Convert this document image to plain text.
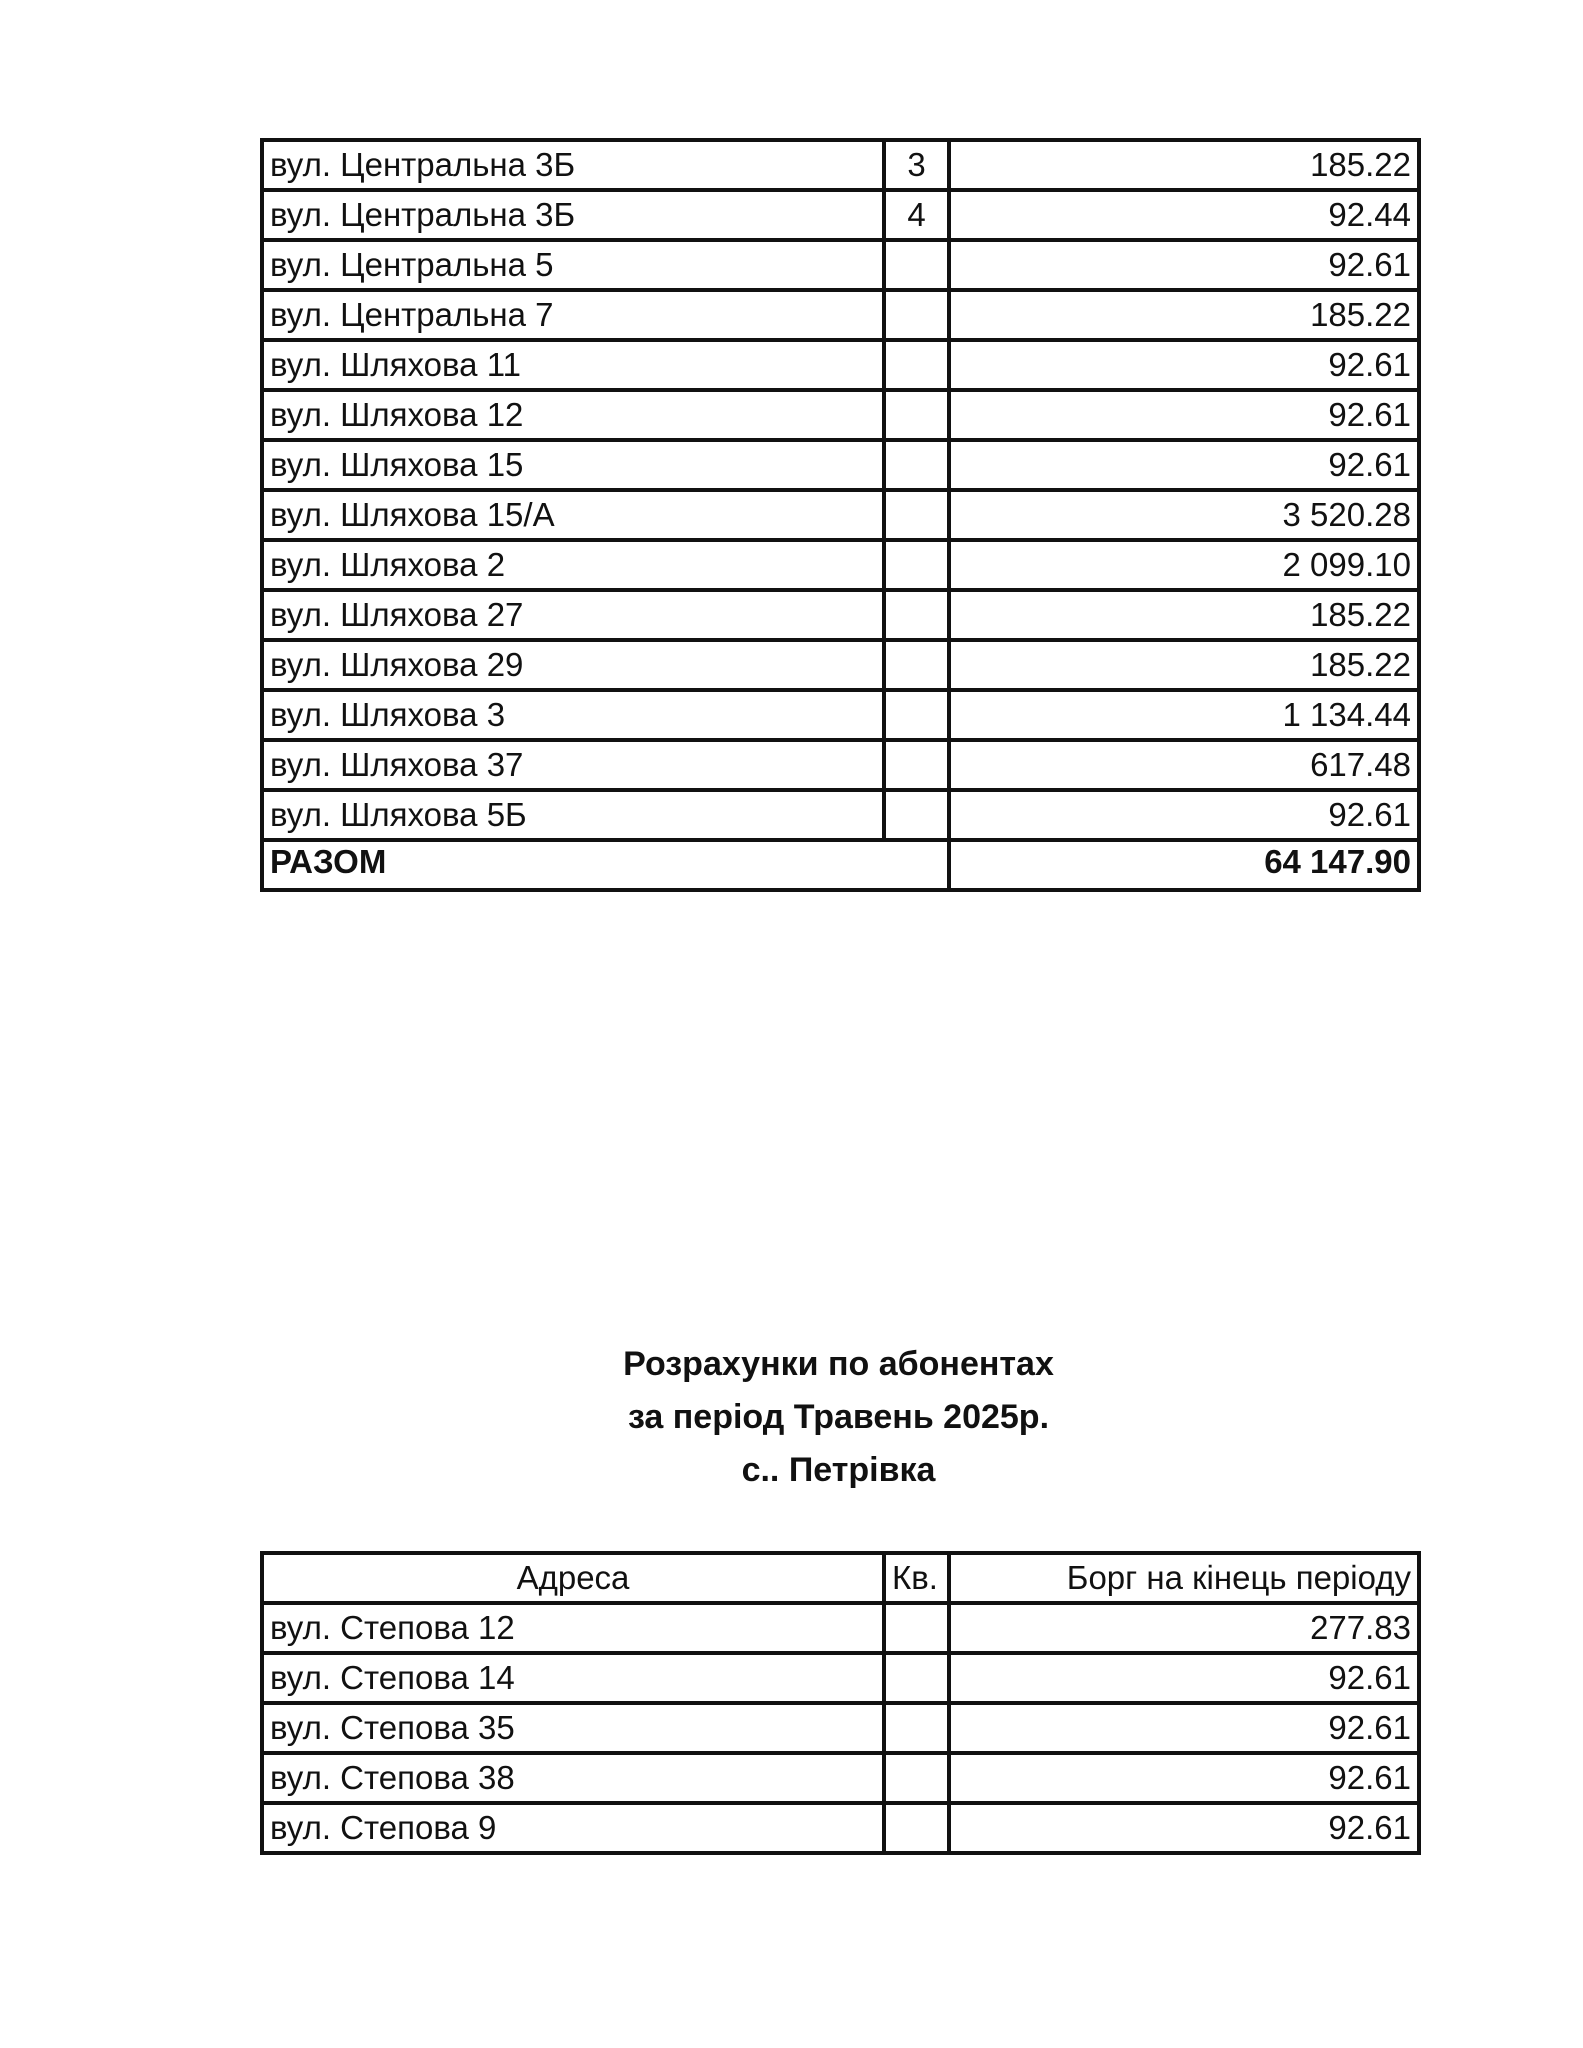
вул. Центральна 3Б	3	185.22
вул. Центральна 3Б	4	92.44
вул. Центральна 5		92.61
вул. Центральна 7		185.22
вул. Шляхова 11		92.61
вул. Шляхова 12		92.61
вул. Шляхова 15		92.61
вул. Шляхова 15/А		3 520.28
вул. Шляхова 2		2 099.10
вул. Шляхова 27		185.22
вул. Шляхова 29		185.22
вул. Шляхова 3		1 134.44
вул. Шляхова 37		617.48
вул. Шляхова 5Б		92.61
РАЗОМ		64 147.90
Розрахунки по абонентах
за період Травень 2025р.
с.. Петрівка
Адреса	Кв.	Борг на кінець періоду
вул. Степова 12		277.83
вул. Степова 14		92.61
вул. Степова 35		92.61
вул. Степова 38		92.61
вул. Степова 9		92.61
